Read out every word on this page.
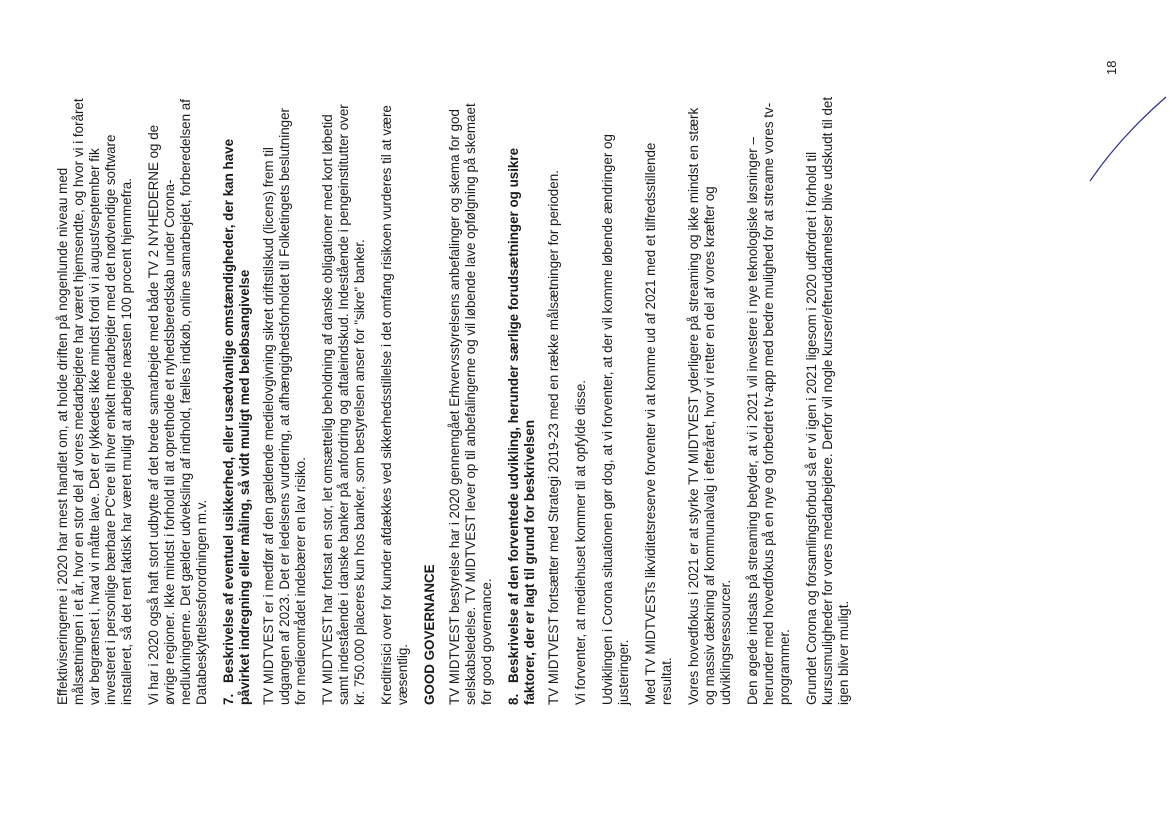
Effektiviseringerne i 2020 har mest handlet om, at holde driften på nogenlunde niveau med målsætningen i et år, hvor en stor del af vores medarbejdere har været hjemsendte, og hvor vi i foråret var begrænset i, hvad vi måtte lave. Det er lykkedes ikke mindst fordi vi i august/september fik investeret i personlige bærbare PC'ere til hver enkelt medarbejder med det nødvendige software installeret, så det rent faktisk har været muligt at arbejde næsten 100 procent hjemmefra. Vi har i 2020 også haft stort udbytte af det brede samarbejde med både TV 2 NYHEDERNE og de øvrige regioner. Ikke mindst i forhold til at opretholde et nyhedsberedskab under Corona-nedlukningerne. Det gælder udveksling af indhold, fælles indkøb, online samarbejdet, forberedelsen af Databeskyttelsesforordningen m.v. 7.Beskrivelse af eventuel usikkerhed, eller usædvanlige omstændigheder, der kan have påvirket indregning eller måling, så vidt muligt med beløbsangivelse TV MIDTVEST er i medfør af den gældende medielovgivning sikret driftstilskud (licens) frem til udgangen af 2023. Det er ledelsens vurdering, at afhængighedsforholdet til Folketingets beslutninger for medieområdet indebærer en lav risiko. TV MIDTVEST har fortsat en stor, let omsættelig beholdning af danske obligationer med kort løbetid samt indestående i danske banker på anfordring og aftaleindskud. Indestående i pengeinstitutter over kr. 750.000 placeres kun hos banker, som bestyrelsen anser for "sikre" banker. Kreditrisici over for kunder afdækkes ved sikkerhedsstillelse i det omfang risikoen vurderes til at være væsentlig. GOOD GOVERNANCE TV MIDTVEST bestyrelse har i 2020 gennemgået Erhvervsstyrelsens anbefalinger og skema for god selskabsledelse. TV MIDTVEST lever op til anbefalingerne og vil løbende lave opfølgning på skemaet for good governance. 8.Beskrivelse af den forventede udvikling, herunder særlige forudsætninger og usikre faktorer, der er lagt til grund for beskrivelsen TV MIDTVEST fortsætter med Strategi 2019-23 med en række målsætninger for perioden. Vi forventer, at mediehuset kommer til at opfylde disse. Udviklingen i Corona situationen gør dog, at vi forventer, at der vil komme løbende ændringer og justeringer. Med TV MIDTVESTs likviditetsreserve forventer vi at komme ud af 2021 med et tilfredsstillende resultat. Vores hovedfokus i 2021 er at styrke TV MIDTVEST yderligere på streaming og ikke mindst en stærk og massiv dækning af kommunalvalg i efteråret, hvor vi retter en del af vores kræfter og udviklingsressourcer. Den øgede indsats på streaming betyder, at vi i 2021 vil investere i nye teknologiske løsninger – herunder med hovedfokus på en nye og forbedret tv-app med bedre mulighed for at streame vores tv-programmer. Grundet Corona og forsamlingsforbud så er vi igen i 2021 ligesom i 2020 udfordret i forhold til kursusmuligheder for vores medarbejdere. Derfor vil nogle kurser/efteruddannelser blive udskudt til det igen bliver muligt.

18
